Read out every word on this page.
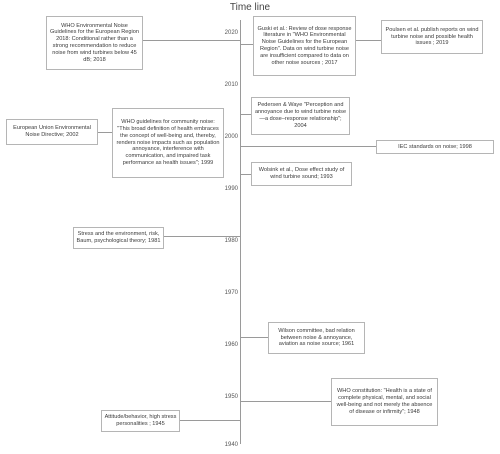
Time line
2020
2010
2000
1990
1980
1970
1960
1950
1940
WHO Environmental Noise Guidelines for the European Region 2018: Conditional rather than a strong recommendation to reduce noise from wind turbines below 45 dB; 2018
Guski et al.: Review of dose response literature in "WHO Environmental Noise Guidelines for the European Region". Data on wind turbine noise are insufficient compared to data on other noise sources ; 2017
Poulsen et al. publish reports on wind turbine noise and possible health issues ; 2019
Pedersen & Waye "Perception and annoyance due to wind turbine noise—a dose–response relationship"; 2004
European Union Environmental Noise Directive; 2002
WHO guidelines for community noise: "This broad definition of health embraces the concept of well-being and, thereby, renders noise impacts such as population annoyance, interference with communication, and impaired task performance as health issues"; 1999
IEC standards on noise; 1998
Wolsink et al., Dose effect study of wind turbine sound; 1993
Stress and the environment, risk, Baum, psychological theory; 1981
Wilson committee, bad relation between noise & annoyance, aviation as noise source; 1961
WHO constitution: "Health is a state of complete physical, mental, and social well-being and not merely the absence of disease or infirmity"; 1948
Attitude/behavior, high stress personalities ; 1945
